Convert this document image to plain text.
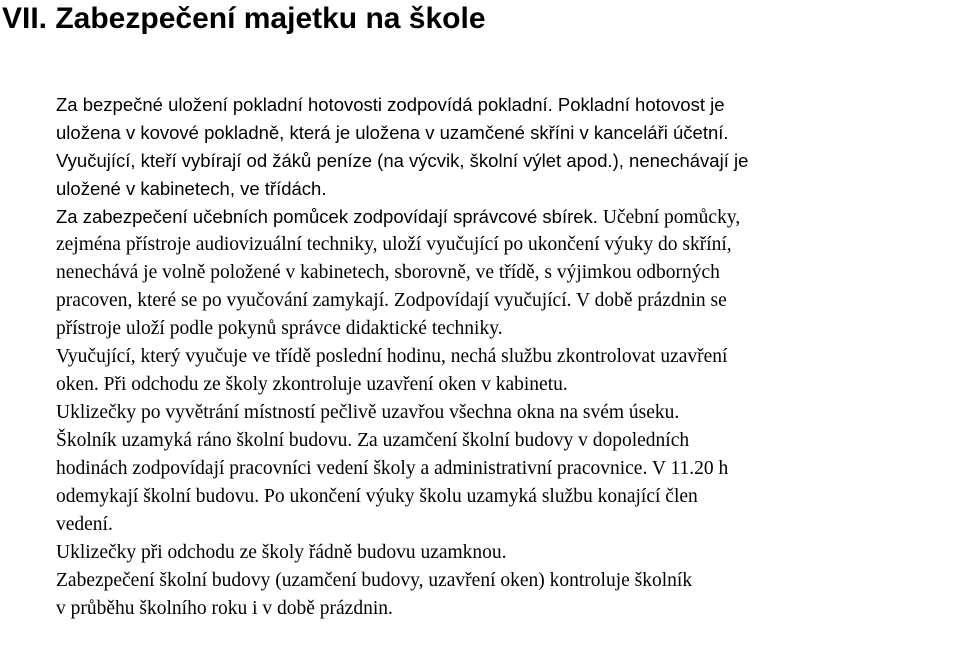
VII. Zabezpečení majetku na škole
Za bezpečné uložení pokladní hotovosti zodpovídá pokladní. Pokladní hotovost je
uložena v kovové pokladně, která je uložena v uzamčené skříni v kanceláři účetní.
Vyučující, kteří vybírají od žáků peníze (na výcvik, školní výlet apod.), nenechávají je
uložené v kabinetech, ve třídách.
Za zabezpečení učebních pomůcek zodpovídají správcové sbírek. Učební pomůcky,
zejména přístroje audiovizuální techniky, uloží vyučující po ukončení výuky do skříní,
nenechává je volně položené v kabinetech, sborovně, ve třídě, s výjimkou odborných
pracoven, které se po vyučování zamykají. Zodpovídají vyučující. V době prázdnin se
přístroje uloží podle pokynů správce didaktické techniky.
Vyučující, který vyučuje ve třídě poslední hodinu, nechá službu zkontrolovat uzavření
oken. Při odchodu ze školy zkontroluje uzavření oken v kabinetu.
Uklizečky po vyvětrání místností pečlivě uzavřou všechna okna na svém úseku.
Školník uzamyká ráno školní budovu. Za uzamčení školní budovy v dopoledních
hodinách zodpovídají pracovníci vedení školy a administrativní pracovnice. V 11.20 h
odemykají školní budovu. Po ukončení výuky školu uzamyká službu konající člen
vedení.
Uklizečky při odchodu ze školy řádně budovu uzamknou.
Zabezpečení školní budovy (uzamčení budovy, uzavření oken) kontroluje školník
v průběhu školního roku i v době prázdnin.
